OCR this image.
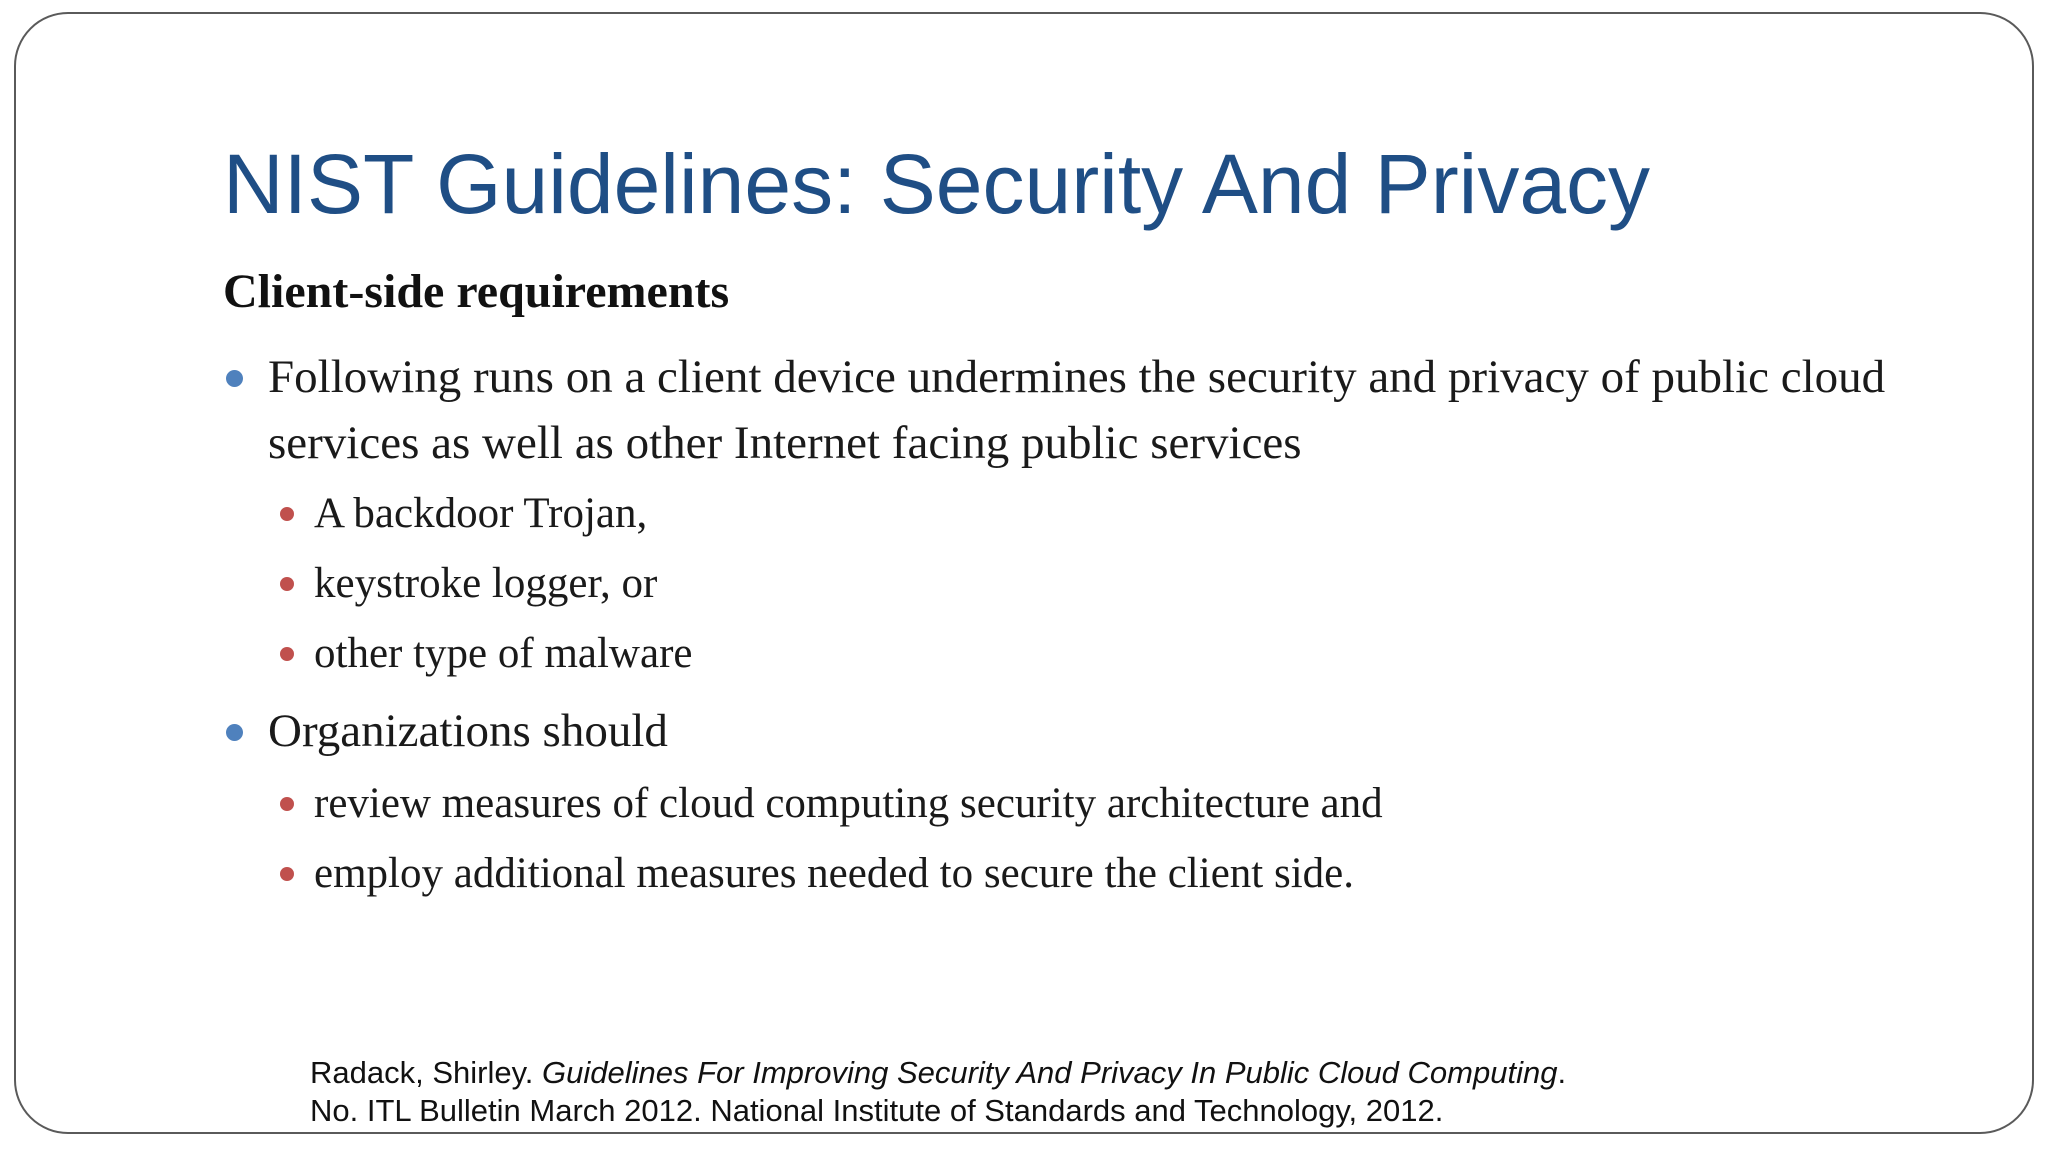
NIST Guidelines: Security And Privacy
Client-side requirements
Following runs on a client device undermines the security and privacy of public cloud services as well as other Internet facing public services
A backdoor Trojan,
keystroke logger, or
other type of malware
Organizations should
review measures of cloud computing security architecture and
employ additional measures needed to secure the client side.
Radack, Shirley. Guidelines For Improving Security And Privacy In Public Cloud Computing.
No. ITL Bulletin March 2012. National Institute of Standards and Technology, 2012.
